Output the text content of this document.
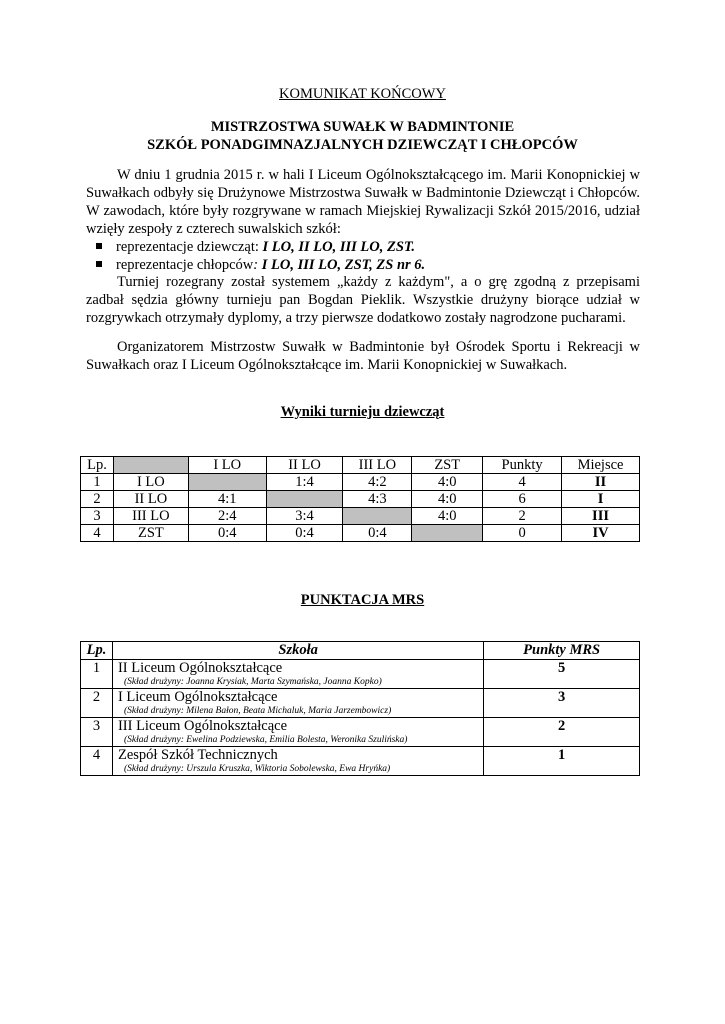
KOMUNIKAT KOŃCOWY
MISTRZOSTWA SUWAŁK W BADMINTONIE
SZKÓŁ PONADGIMNAZJALNYCH DZIEWCZĄT I CHŁOPCÓW
W dniu 1 grudnia 2015 r. w hali I Liceum Ogólnokształcącego im. Marii Konopnickiej w Suwałkach odbyły się Drużynowe Mistrzostwa Suwałk w Badmintonie Dziewcząt i Chłopców. W zawodach, które były rozgrywane w ramach Miejskiej Rywalizacji Szkół 2015/2016, udział wzięły zespoły z czterech suwalskich szkół:
reprezentacje dziewcząt: I LO, II LO, III LO, ZST.
reprezentacje chłopców: I LO, III LO, ZST, ZS nr 6.
Turniej rozegrany został systemem „każdy z każdym", a o grę zgodną z przepisami zadbał sędzia główny turnieju pan Bogdan Pieklik. Wszystkie drużyny biorące udział w rozgrywkach otrzymały dyplomy, a trzy pierwsze dodatkowo zostały nagrodzone pucharami.
Organizatorem Mistrzostw Suwałk w Badmintonie był Ośrodek Sportu i Rekreacji w Suwałkach oraz I Liceum Ogólnokształcące im. Marii Konopnickiej w Suwałkach.
Wyniki turnieju dziewcząt
Lp.		I LO	II LO	III LO	ZST	Punkty	Miejsce
1	I LO		1:4	4:2	4:0	4	II
2	II LO	4:1		4:3	4:0	6	I
3	III LO	2:4	3:4		4:0	2	III
4	ZST	0:4	0:4	0:4		0	IV
PUNKTACJA MRS
Lp.	Szkoła	Punkty MRS
1	II Liceum Ogólnokształcące
(Skład drużyny: Joanna Krysiak, Marta Szymańska, Joanna Kopko)	5
2	I Liceum Ogólnokształcące
(Skład drużyny: Milena Bałon, Beata Michaluk, Maria Jarzembowicz)	3
3	III Liceum Ogólnokształcące
(Skład drużyny: Ewelina Podziewska, Emilia Bolesta, Weronika Szulińska)	2
4	Zespół Szkół Technicznych
(Skład drużyny: Urszula Kruszka, Wiktoria Sobolewska, Ewa Hryńka)	1
